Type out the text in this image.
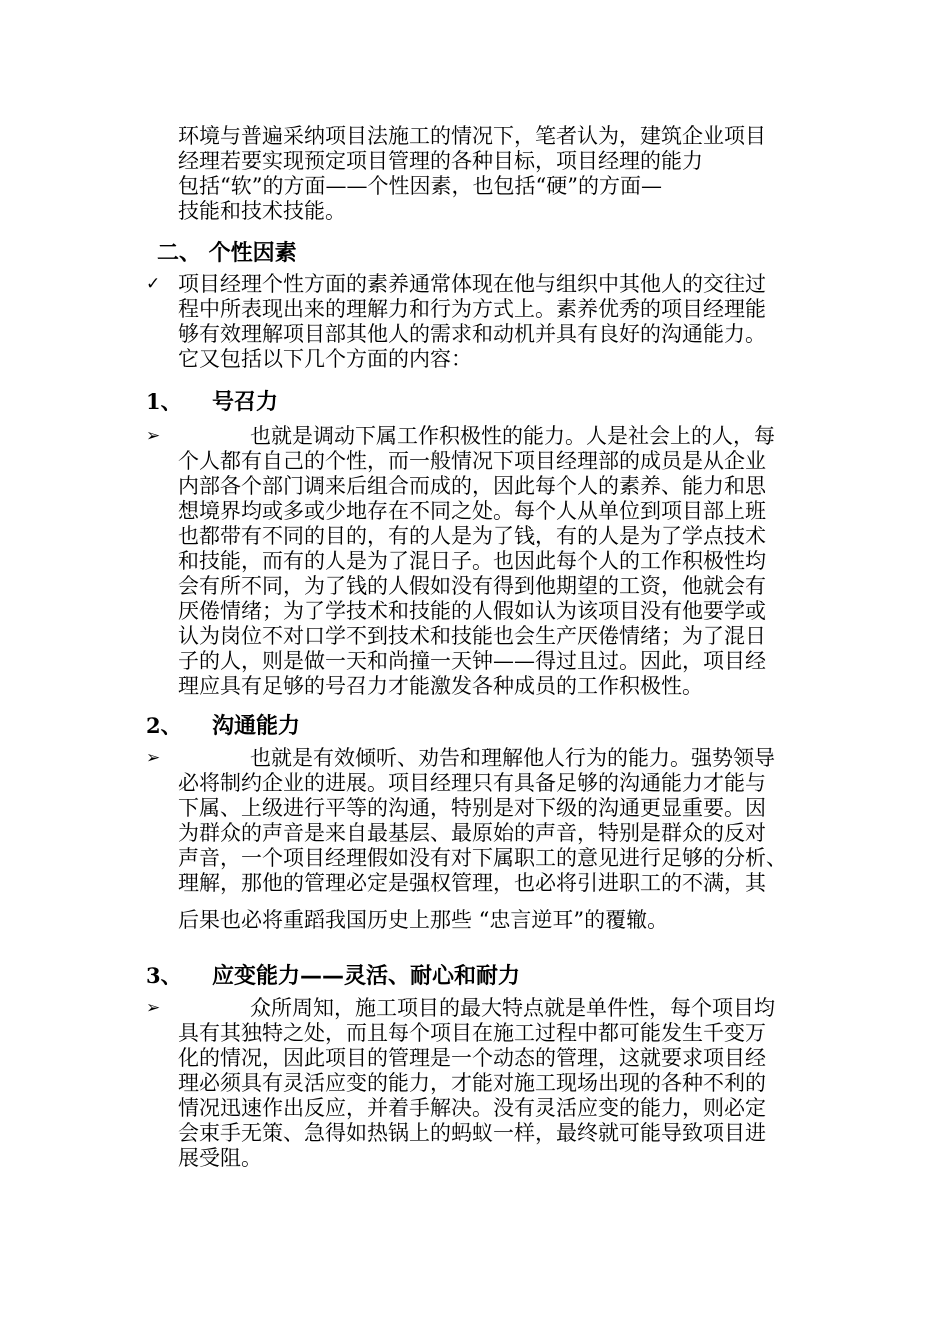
环境与普遍采纳项目法施工的情况下，笔者认为，建筑企业项目
经理若要实现预定项目管理的各种目标，项目经理的能力
包括“软”的方面——个性因素，也包括“硬”的方面—
技能和技术技能。
二、 个性因素
✓ 项目经理个性方面的素养通常体现在他与组织中其他人的交往过
程中所表现出来的理解力和行为方式上。素养优秀的项目经理能
够有效理解项目部其他人的需求和动机并具有良好的沟通能力。
它又包括以下几个方面的内容：
1、 号召力
➢	也就是调动下属工作积极性的能力。人是社会上的人，每
个人都有自己的个性，而一般情况下项目经理部的成员是从企业
内部各个部门调来后组合而成的，因此每个人的素养、能力和思
想境界均或多或少地存在不同之处。每个人从单位到项目部上班
也都带有不同的目的，有的人是为了钱，有的人是为了学点技术
和技能，而有的人是为了混日子。也因此每个人的工作积极性均
会有所不同，为了钱的人假如没有得到他期望的工资，他就会有
厌倦情绪；为了学技术和技能的人假如认为该项目没有他要学或
认为岗位不对口学不到技术和技能也会生产厌倦情绪；为了混日
子的人，则是做一天和尚撞一天钟——得过且过。因此，项目经
理应具有足够的号召力才能激发各种成员的工作积极性。
2、 沟通能力
➢	也就是有效倾听、劝告和理解他人行为的能力。强势领导
必将制约企业的进展。项目经理只有具备足够的沟通能力才能与
下属、上级进行平等的沟通，特别是对下级的沟通更显重要。因
为群众的声音是来自最基层、最原始的声音，特别是群众的反对
声音，一个项目经理假如没有对下属职工的意见进行足够的分析、
理解，那他的管理必定是强权管理，也必将引进职工的不满，其
后果也必将重蹈我国历史上那些 “忠言逆耳”的覆辙。
3、 应变能力——灵活、耐心和耐力
➢	众所周知，施工项目的最大特点就是单件性，每个项目均
具有其独特之处，而且每个项目在施工过程中都可能发生千变万
化的情况，因此项目的管理是一个动态的管理，这就要求项目经
理必须具有灵活应变的能力，才能对施工现场出现的各种不利的
情况迅速作出反应，并着手解决。没有灵活应变的能力，则必定
会束手无策、急得如热锅上的蚂蚁一样，最终就可能导致项目进
展受阻。
